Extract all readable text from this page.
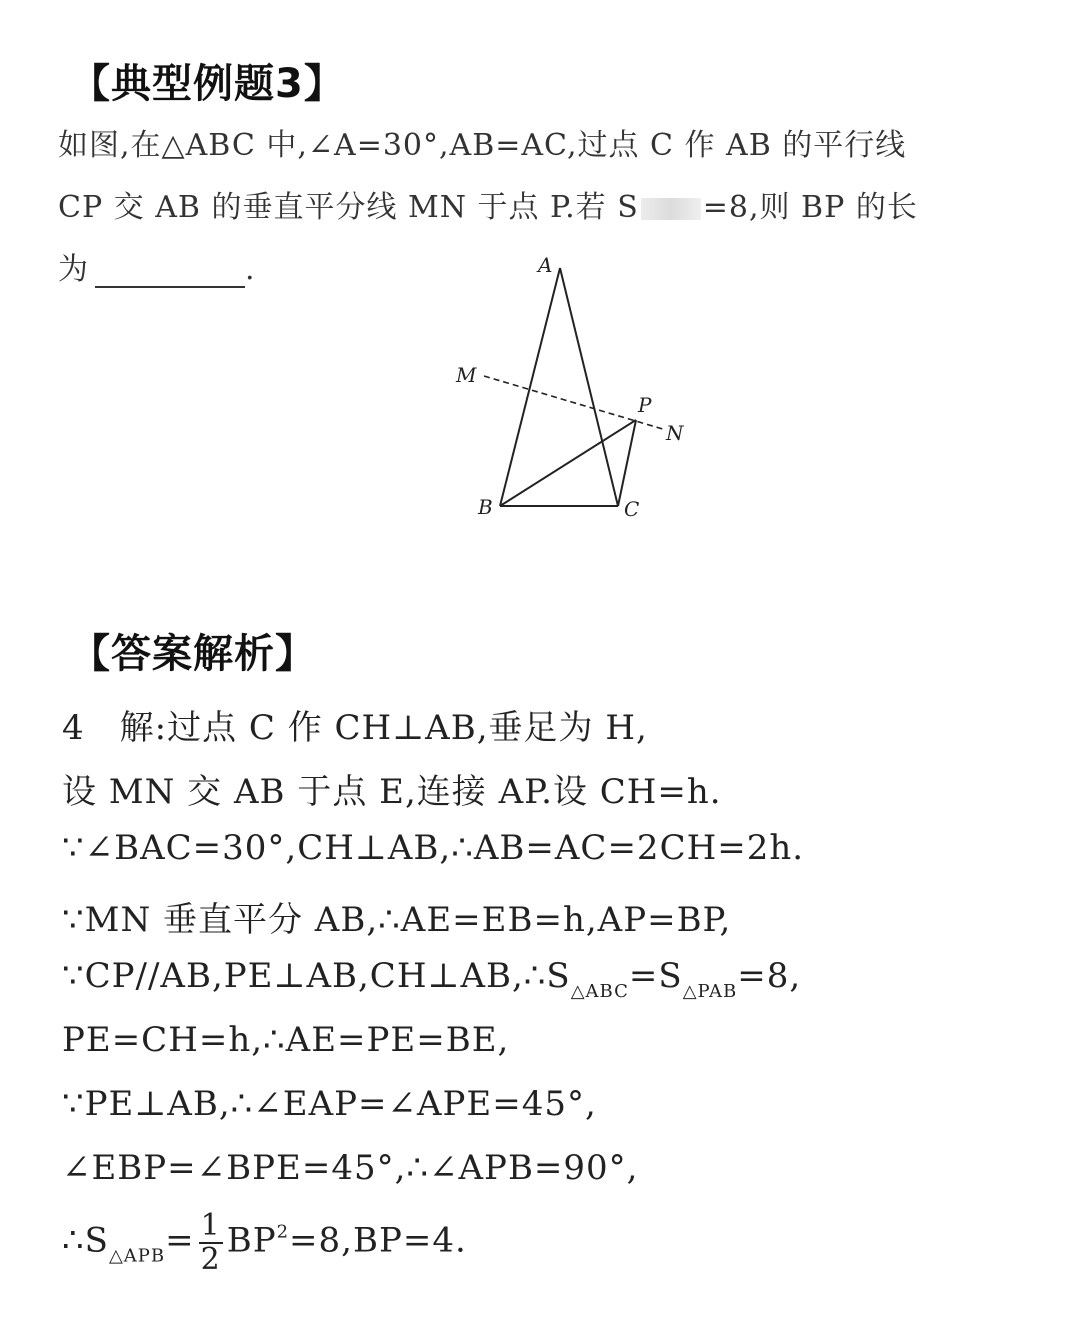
【典型例题3】
如图,在△ABC 中,∠A=30°,AB=AC,过点 C 作 AB 的平行线
CP 交 AB 的垂直平分线 MN 于点 P.若 S =8,则 BP 的长
为	.	A
M
P
N
B	C
【答案解析】
4　解:过点 C 作 CH⊥AB,垂足为 H,
设 MN 交 AB 于点 E,连接 AP.设 CH=h.
∵∠BAC=30°,CH⊥AB,∴AB=AC=2CH=2h.
∵MN 垂直平分 AB,∴AE=EB=h,AP=BP,
$\because CP//AB,PE\perp AB,CH\perp AB,\therefore S_{\triangle ABC}=S_{\triangle PAB}=8$,
PE=CH=h,∴AE=PE=BE,
∵PE⊥AB,∴∠EAP=∠APE=45°,
∠EBP=∠BPE=45°,∴∠APB=90°,
$\therefore S_{\triangle APB}= \frac{1}{2} BP^2=8,BP=4$.
